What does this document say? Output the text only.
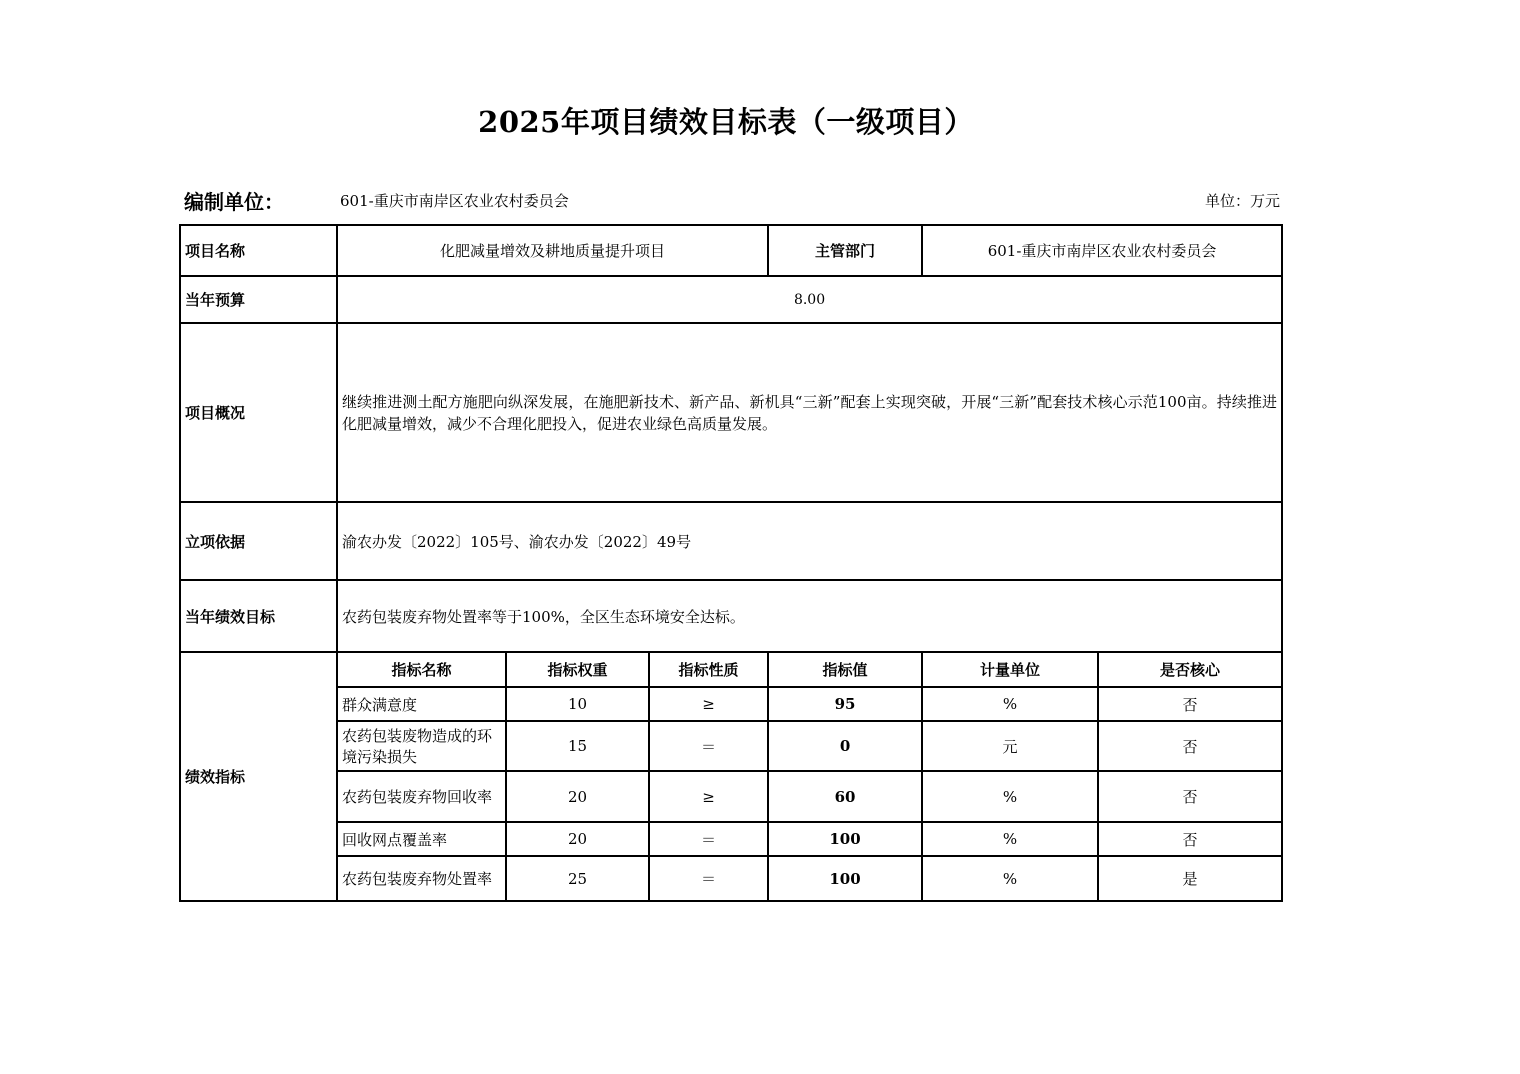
2025年项目绩效目标表（一级项目）
编制单位：	601-重庆市南岸区农业农村委员会	单位：万元
项目名称	化肥减量增效及耕地质量提升项目			主管部门	601-重庆市南岸区农业农村委员会	
当年预算	8.00					
项目概况	继续推进测土配方施肥向纵深发展，在施肥新技术、新产品、新机具“三新”配套上实现突破，开展“三新”配套技术核心示范100亩。持续推进化肥减量增效，减少不合理化肥投入，促进农业绿色高质量发展。					
立项依据	渝农办发〔2022〕105号、渝农办发〔2022〕49号					
当年绩效目标	农药包装废弃物处置率等于100%，全区生态环境安全达标。					
绩效指标	指标名称	指标权重	指标性质	指标值	计量单位	是否核心
	群众满意度	10	≥	95	%	否
	农药包装废物造成的环境污染损失	15	＝	0	元	否
	农药包装废弃物回收率	20	≥	60	%	否
	回收网点覆盖率	20	＝	100	%	否
	农药包装废弃物处置率	25	＝	100	%	是
